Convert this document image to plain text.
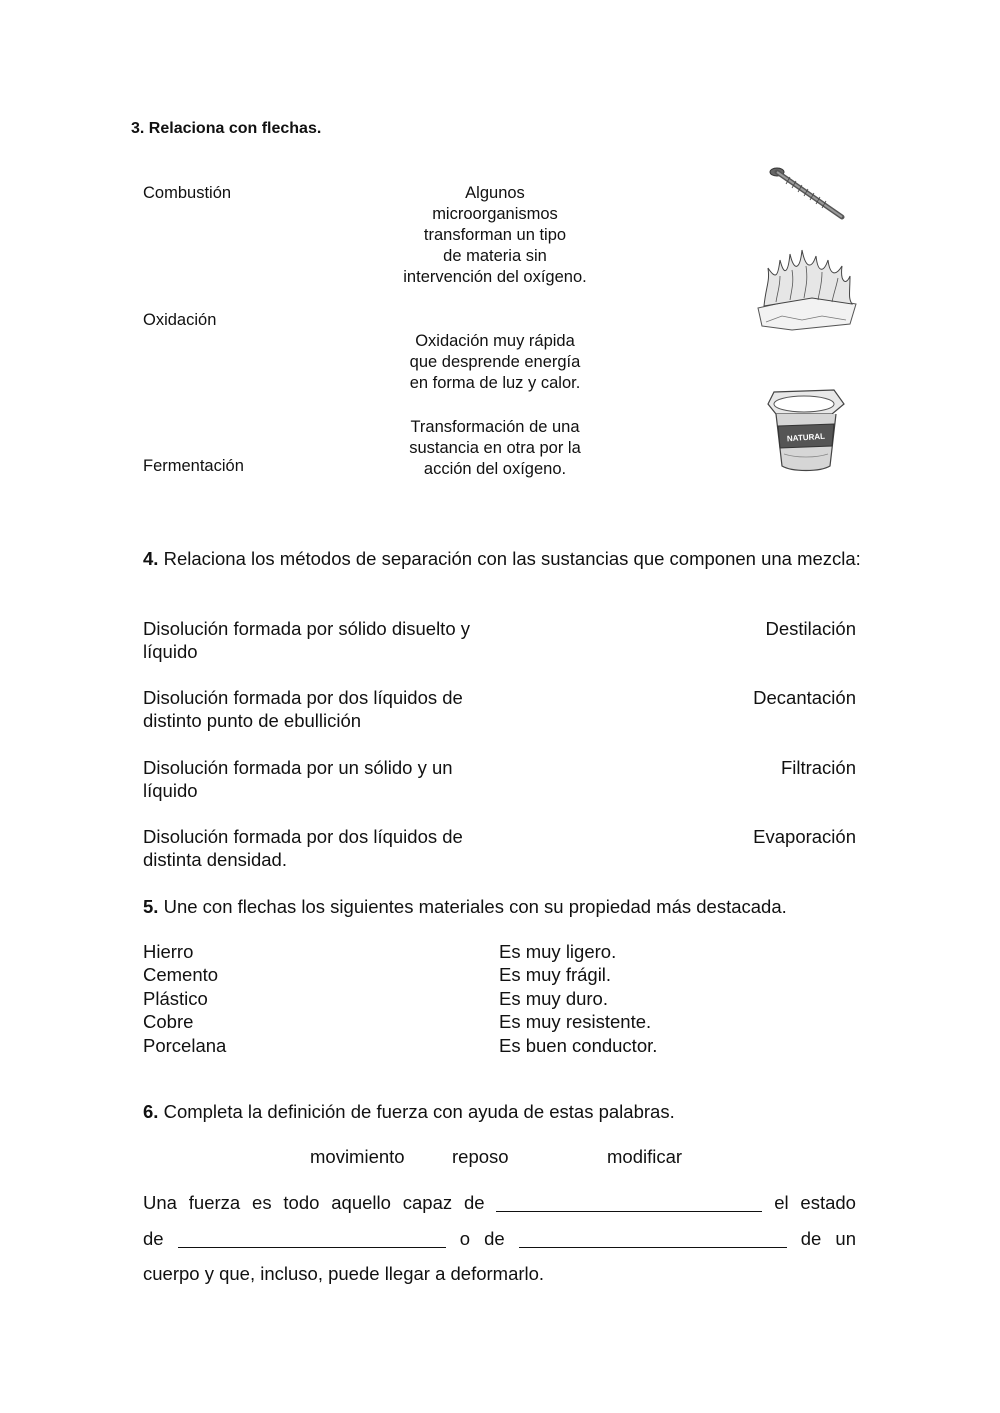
3. Relaciona con flechas.
Combustión
Oxidación
Fermentación
Algunos
microorganismos
transforman un tipo
de materia sin
intervención del oxígeno.
Oxidación muy rápida
que desprende energía
en forma de luz y calor.
Transformación de una
sustancia en otra por la
acción del oxígeno.
NATURAL
4. Relaciona los métodos de separación con las sustancias que componen una mezcla:
Disolución formada por sólido disuelto y
líquido
Disolución formada por dos líquidos de
distinto punto de ebullición
Disolución formada por un sólido y un
líquido
Disolución formada por dos líquidos de
distinta densidad.
Destilación
Decantación
Filtración
Evaporación
5. Une con flechas los siguientes materiales con su propiedad más destacada.
Hierro
Cemento
Plástico
Cobre
Porcelana
Es muy ligero.
Es muy frágil.
Es muy duro.
Es muy resistente.
Es buen conductor.
6. Completa la definición de fuerza con ayuda de estas palabras.
movimiento	reposo	modificar
Una fuerza es todo aquello capaz de	el estado
de	o de	de un
cuerpo y que, incluso, puede llegar a deformarlo.
